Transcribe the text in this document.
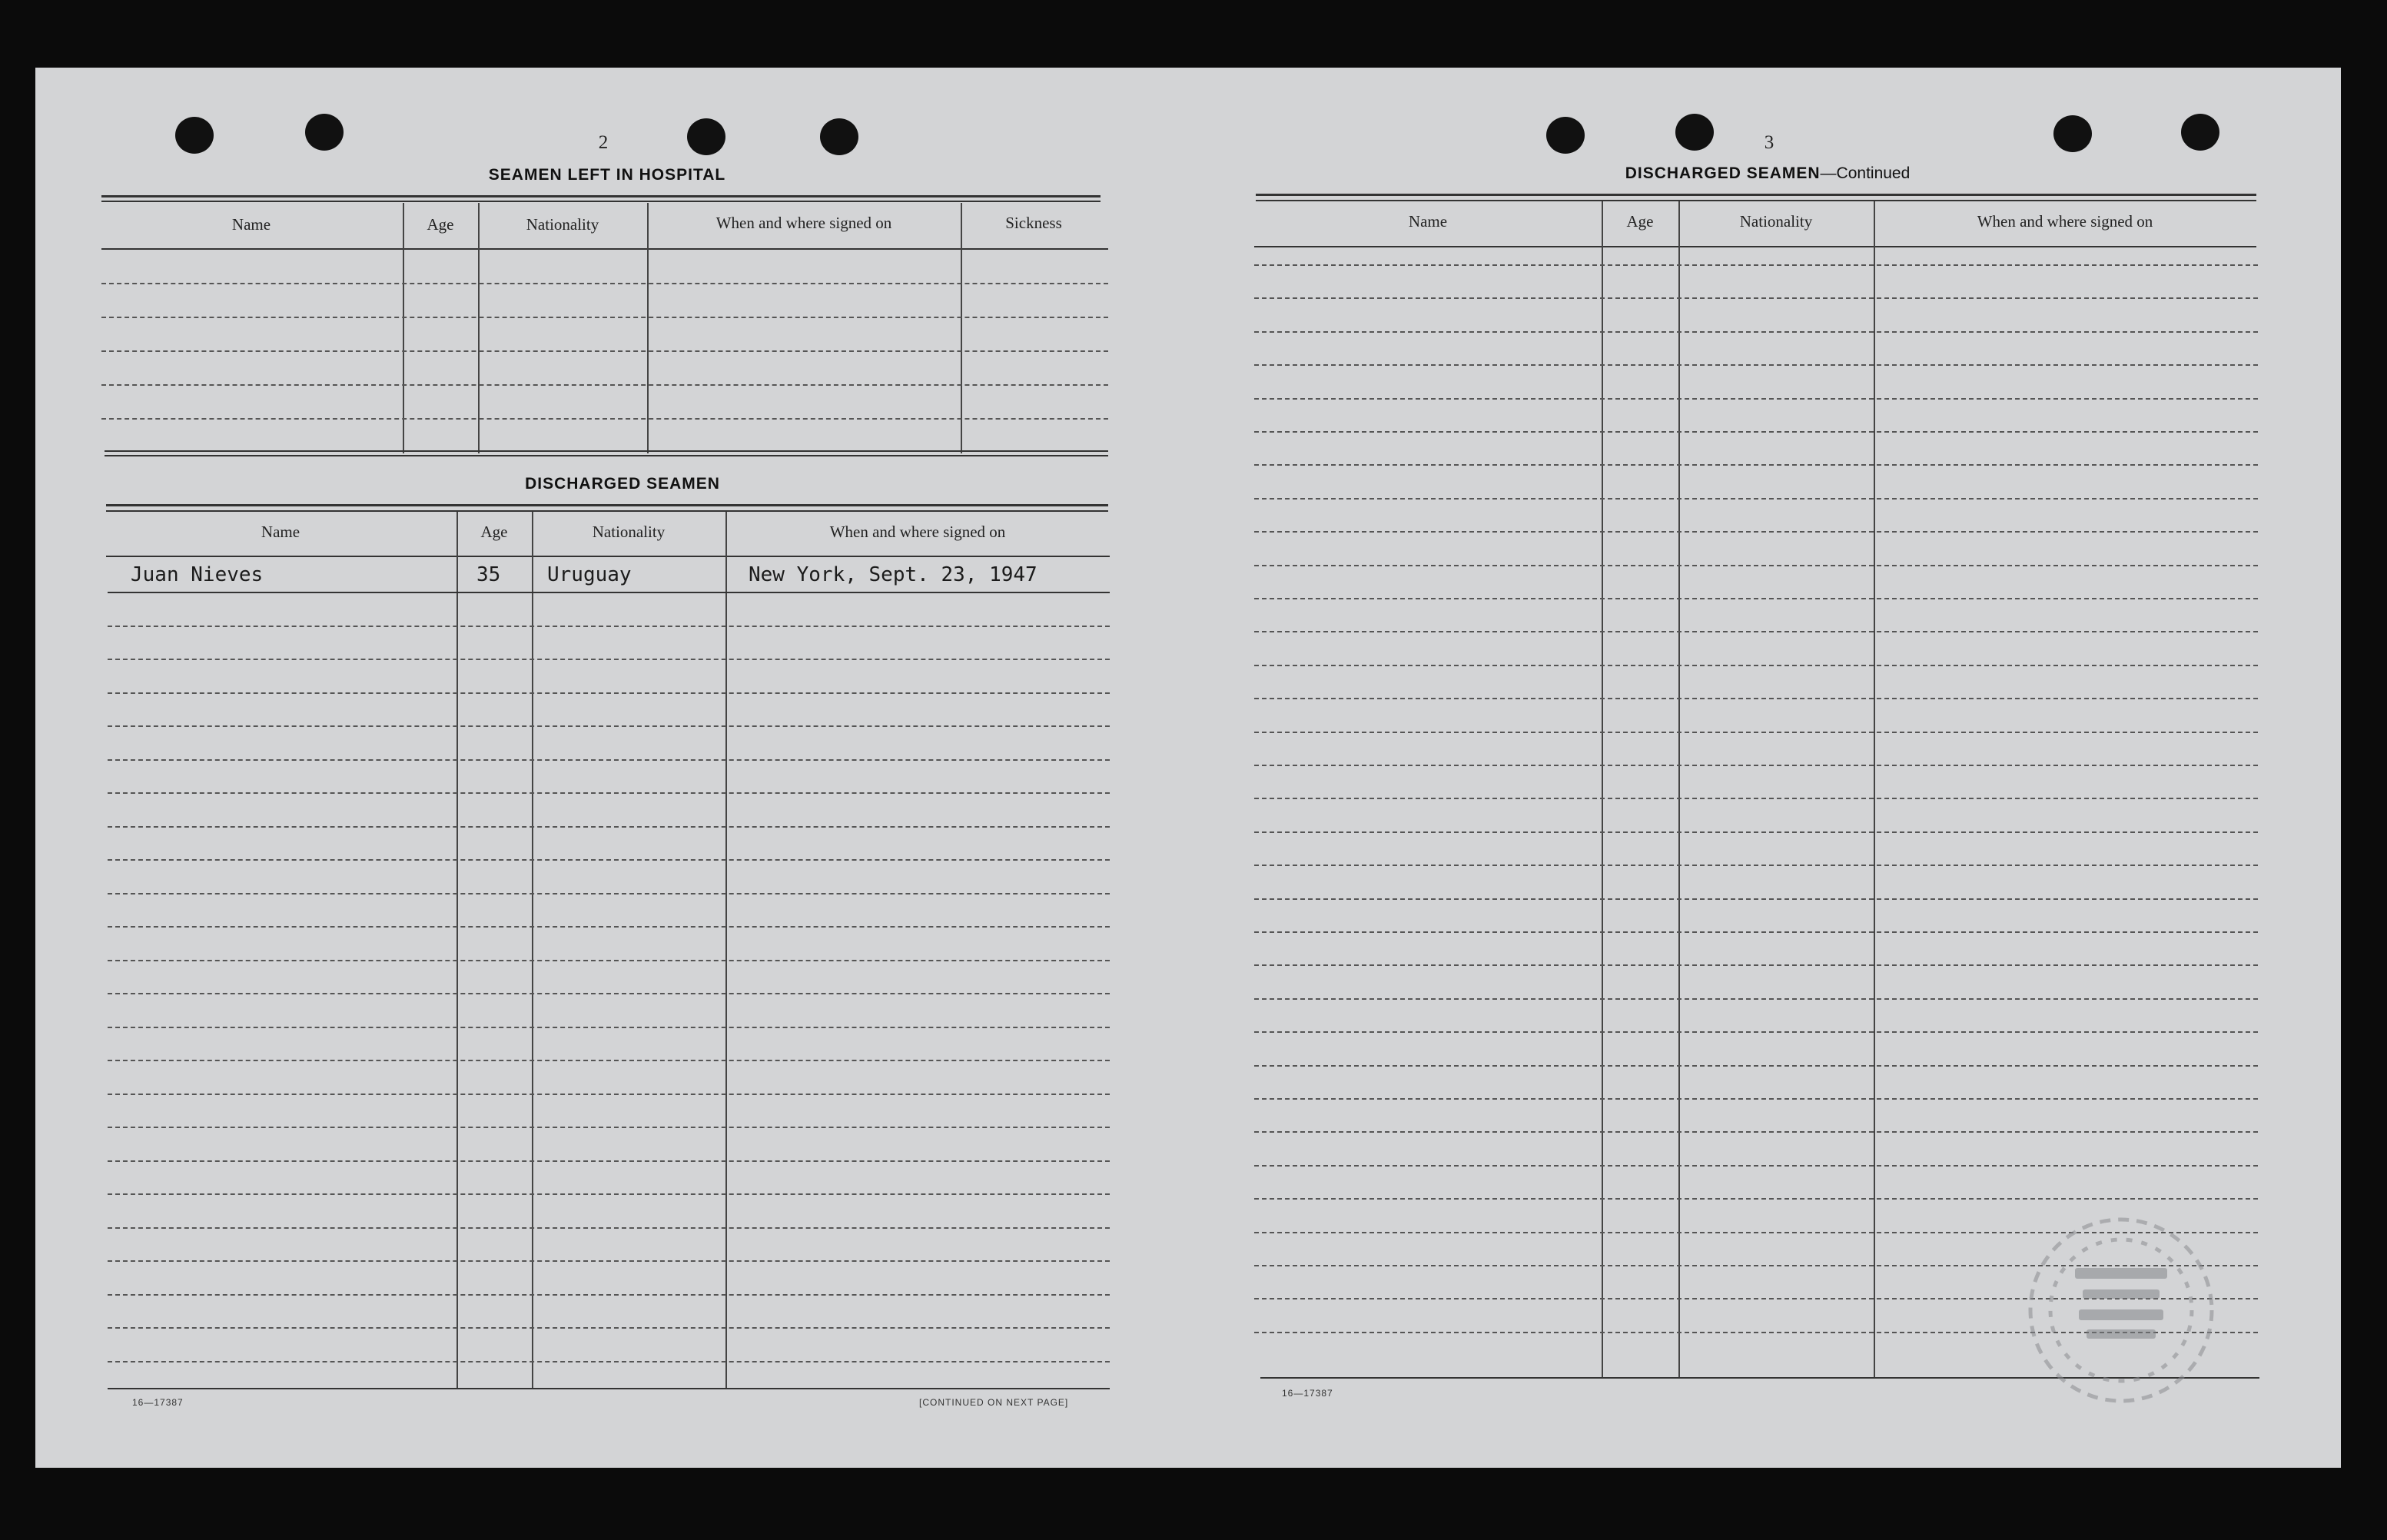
2
SEAMEN LEFT IN HOSPITAL
Name	Age	Nationality	When and where signed on	Sickness
DISCHARGED SEAMEN
Name	Age	Nationality	When and where signed on
Juan Nieves	35 Uruguay	New York, Sept. 23, 1947
16—17387	[CONTINUED ON NEXT PAGE]
3
DISCHARGED SEAMEN—Continued
Name	Age	Nationality	When and where signed on
16—17387
